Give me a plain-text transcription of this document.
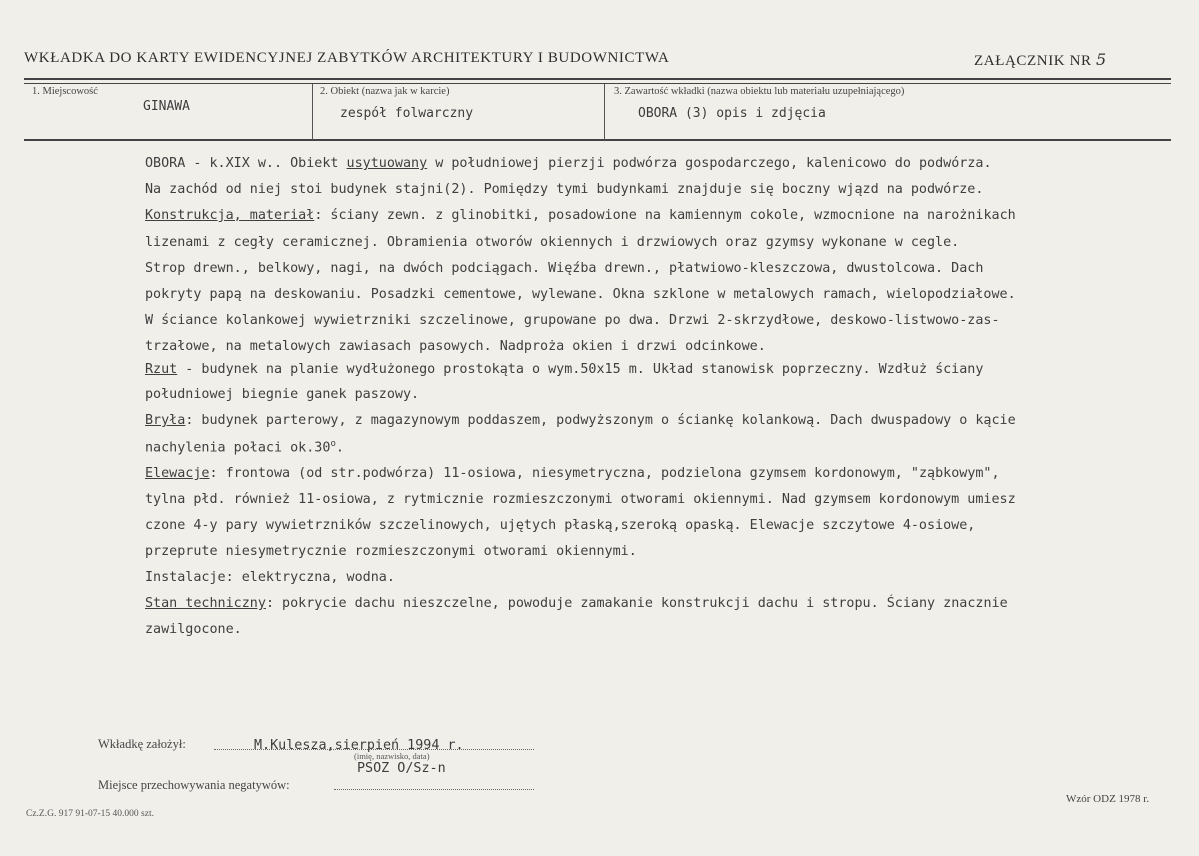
WKŁADKA DO KARTY EWIDENCYJNEJ ZABYTKÓW ARCHITEKTURY I BUDOWNICTWA	ZAŁĄCZNIK NR 5
1. Miejscowość
GINAWA
2. Obiekt (nazwa jak w karcie)
zespół folwarczny
3. Zawartość wkładki (nazwa obiektu lub materiału uzupełniającego)
OBORA (3) opis i zdjęcia
OBORA - k.XIX w.. Obiekt usytuowany w południowej pierzji podwórza gospodarczego, kalenicowo do podwórza.
Na zachód od niej stoi budynek stajni(2). Pomiędzy tymi budynkami znajduje się boczny wjązd na podwórze.
Konstrukcja, materiał: ściany zewn. z glinobitki, posadowione na kamiennym cokole, wzmocnione na narożnikach
lizenami z cegły ceramicznej. Obramienia otworów okiennych i drzwiowych oraz gzymsy wykonane w cegle.
Strop drewn., belkowy, nagi, na dwóch podciągach. Więźba drewn., płatwiowo-kleszczowa, dwustolcowa. Dach
pokryty papą na deskowaniu. Posadzki cementowe, wylewane. Okna szklone w metalowych ramach, wielopodziałowe.
W ściance kolankowej wywietrzniki szczelinowe, grupowane po dwa. Drzwi 2-skrzydłowe, deskowo-listwowo-zas-
trzałowe, na metalowych zawiasach pasowych. Nadproża okien i drzwi odcinkowe.
Rzut - budynek na planie wydłużonego prostokąta o wym.50x15 m. Układ stanowisk poprzeczny. Wzdłuż ściany
południowej biegnie ganek paszowy.
Bryła: budynek parterowy, z magazynowym poddaszem, podwyższonym o ściankę kolankową. Dach dwuspadowy o kącie
nachylenia połaci ok.30$^o$.
Elewacje: frontowa (od str.podwórza) 11-osiowa, niesymetryczna, podzielona gzymsem kordonowym, "ząbkowym",
tylna płd. również 11-osiowa, z rytmicznie rozmieszczonymi otworami okiennymi. Nad gzymsem kordonowym umiesz
czone 4-y pary wywietrzników szczelinowych, ujętych płaską,szeroką opaską. Elewacje szczytowe 4-osiowe,
przeprute niesymetrycznie rozmieszczonymi otworami okiennymi.
Instalacje: elektryczna, wodna.
Stan techniczny: pokrycie dachu nieszczelne, powoduje zamakanie konstrukcji dachu i stropu. Ściany znacznie
zawilgocone.
Wkładkę założył:	M.Kulesza,sierpień 1994 r.
(imię, nazwisko, data)
PSOZ O/Sz-n
Miejsce przechowywania negatywów:
Cz.Z.G. 917 91-07-15 40.000 szt.
Wzór ODZ 1978 r.
